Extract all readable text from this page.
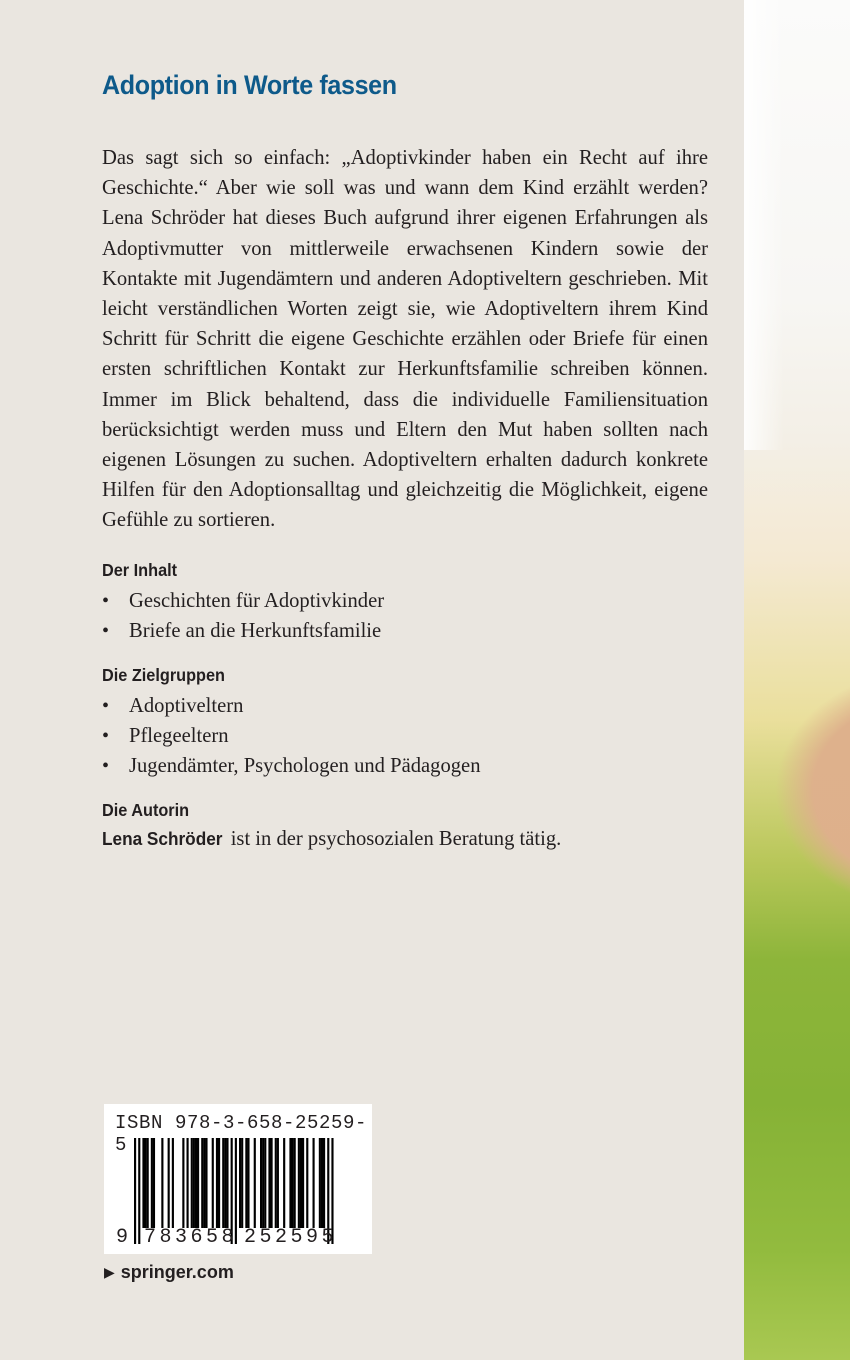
Adoption in Worte fassen

Das sagt sich so einfach: „Adoptivkinder haben ein Recht auf ihre Geschichte.“ Aber wie soll was und wann dem Kind erzählt werden? Lena Schröder hat dieses Buch aufgrund ihrer eigenen Erfahrungen als Adoptivmutter von mittlerweile erwachsenen Kindern sowie der Kontakte mit Jugendämtern und anderen Adoptiveltern geschrieben. Mit leicht verständlichen Worten zeigt sie, wie Adoptiveltern ihrem Kind Schritt für Schritt die eigene Geschichte erzählen oder Briefe für einen ersten schriftlichen Kontakt zur Herkunftsfamilie schreiben können. Immer im Blick behaltend, dass die individuelle Familiensituation berücksichtigt werden muss und Eltern den Mut haben sollten nach eigenen Lösungen zu suchen. Adoptiveltern erhalten dadurch konkrete Hilfen für den Adoptionsalltag und gleichzeitig die Möglichkeit, eigene Gefühle zu sortieren.

Der Inhalt
• Geschichten für Adoptivkinder
• Briefe an die Herkunftsfamilie
Die Zielgruppen
• Adoptiveltern
• Pflegeeltern
• Jugendämter, Psychologen und Pädagogen
Die Autorin

Lena Schröder ist in der psychosozialen Beratung tätig.

ISBN 978-3-658-25259-5
9 783658 252595
▶ springer.com
